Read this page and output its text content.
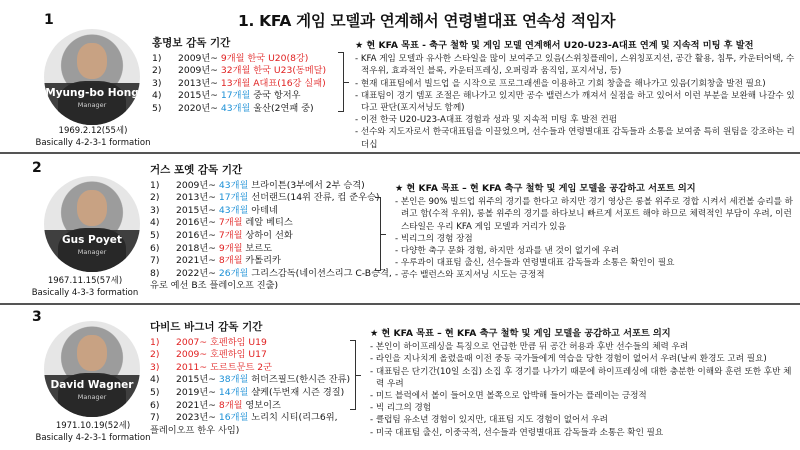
1. KFA 게임 모델과 연계해서 연령별대표 연속성 적임자
1
Myung-bo Hong
Manager
1969.2.12(55세)
Basically 4-2-3-1 formation
홍명보 감독 기간
1) 2009년~ 9개월 한국 U20(8강)
2) 2009년~ 32개월 한국 U23(동메달)
3) 2013년~ 13개월 A대표(16강 실패)
4) 2015년~ 17개월 중국 항저우
5) 2020년~ 43개월 울산(2연패 중)
★ 현 KFA 목표 - 축구 철학 및 게임 모델 연계해서 U20-U23-A대표 연계 및 지속적 미팅 후 발전
- KFA 게임 모델과 유사한 스타일을 많이 보여주고 있음(스위칭플레이, 스위칭포지션, 공간 활용, 침투, 카운터어택, 수적우위, 효과적인 블록, 카운터프레싱, 오퍼링과 움직임, 포지셔닝, 등)
- 현재 대표팀에서 빌드업 을 시작으로 프로그래센을 이용하고 기회 창출을 해나가고 있음(기회창출 발전 필요)
- 대표팀이 경기 템포 조절은 해나가고 있지만 공수 밸런스가 깨져서 실점을 하고 있어서 이런 부분을 보완해 나갈수 있다고 판단(포지셔닝도 함께)
- 이전 한국 U20-U23-A대표 경험과 성과 및 지속적 미팅 후 발전 컨펌
- 선수와 지도자로서 한국대표팀을 이끌었으며, 선수들과 연령별대표 감독들과 소통을 보여줌 특히 원팀을 강조하는 리더십
2
Gus Poyet
Manager
1967.11.15(57세)
Basically 4-3-3 formation
거스 포옛 감독 기간
1) 2009년~ 43개월 브라이튼(3부에서 2부 승격)
2) 2013년~ 17개월 선더랜드(14위 잔류, 컵 준우승)
3) 2015년~ 43개월 아테네
4) 2016년~ 7개월 레알 베티스
5) 2016년~ 7개월 상하이 선화
6) 2018년~ 9개월 보르도
7) 2021년~ 8개월 카톨리카
8) 2022년~ 26개월 그리스감독(네이션스리그 C-B승격,
유로 예선 B조 플레이오프 진출)
★ 현 KFA 목표 – 현 KFA 축구 철학 및 게임 모델을 공감하고 서포트 의지
- 본인은 90% 빌드업 위주의 경기를 한다고 하지만 경기 영상은 롱볼 위주로 경합 시켜서 세컨볼 승리를 하려고 함(수적 우위), 롱볼 위주의 경기를 하다보니 빠르게 서포트 해야 하므로 체력적인 부담이 우려, 이런 스타일은 우리 KFA 게임 모델과 거리가 있음
- 빅리그의 경험 장점
- 다양한 축구 문화 경험, 하지만 성과를 낸 것이 없기에 우려
- 우루과이 대표팀 출신, 선수들과 연령별대표 감독들과 소통은 확인이 필요
- 공수 밸런스와 포지셔닝 시도는 긍정적
3
David Wagner
Manager
1971.10.19(52세)
Basically 4-2-3-1 formation
다비드 바그너 감독 기간
1) 2007~ 호펜하임 U19
2) 2009~ 호펜하임 U17
3) 2011~ 도르트문트 2군
4) 2015년~ 38개월 허더즈필드(한시즌 잔류)
5) 2019년~ 14개월 샬케(두번재 시즌 경질)
6) 2021년~ 8개월 영보이즈
7) 2023년~ 16개월 노리치 시티(리그6위,
플레이오프 한우 사임)
★ 현 KFA 목표 – 현 KFA 축구 철학 및 게임 모델을 공감하고 서포트 의지
- 본인이 하이프레싱을 특징으로 언급한 만큼 뒤 공간 허용과 후반 선수들의 체력 우려
- 라인을 지나치게 올렸을때 이전 중동 국가들에게 역습을 당한 경험이 없어서 우려(날씨 환경도 고려 필요)
- 대표팀은 단기간(10일 소집) 소집 후 경기를 나가기 때문에 하이프레싱에 대한 충분한 이해와 훈련 또한 후반 체력 우려
- 미드 블럭에서 볼이 들어오면 볼쪽으로 압박해 들어가는 플레이는 긍정적
- 빅 리그의 경험
- 클럽팀 유소년 경험이 있지만, 대표팀 지도 경험이 없어서 우려
- 미국 대표팀 출신, 이중국적, 선수들과 연령별대표 감독들과 소통은 확인 필요
